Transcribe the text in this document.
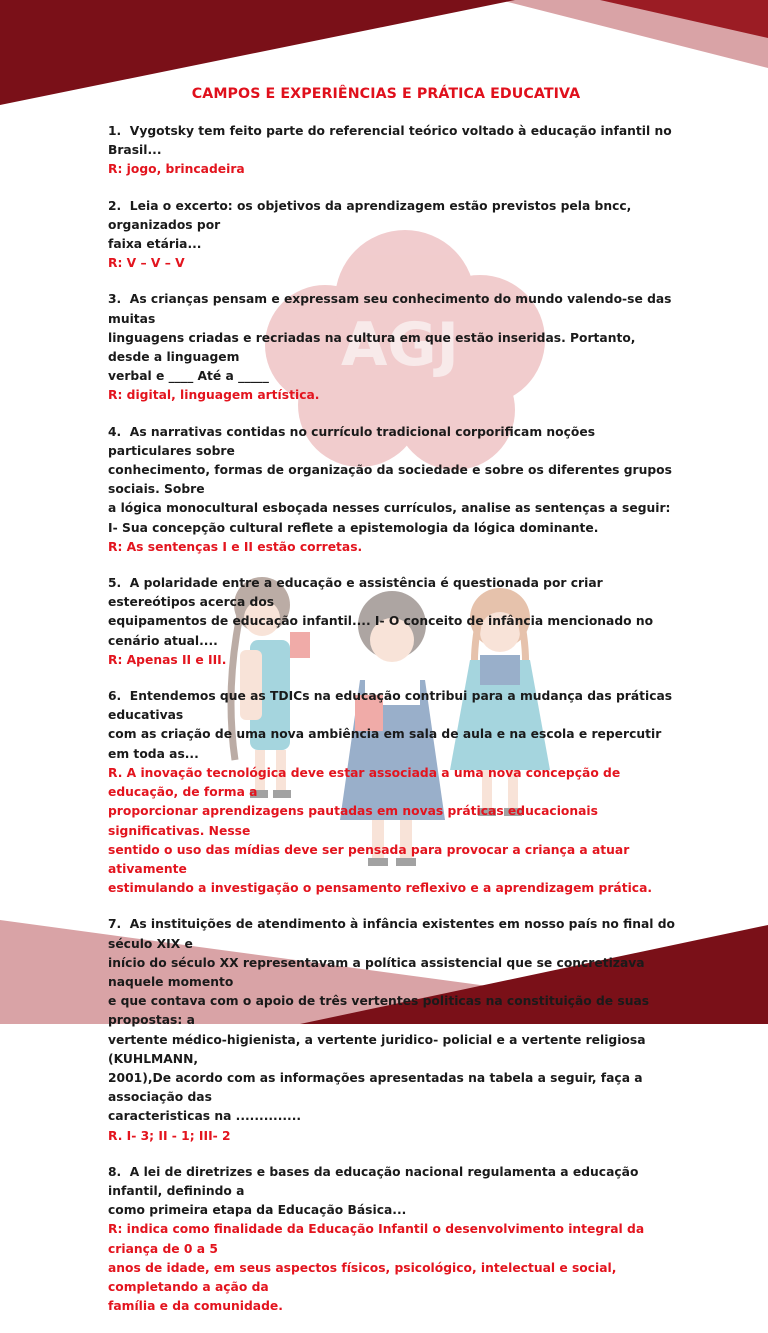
AGJ
CAMPOS E EXPERIÊNCIAS E PRÁTICA EDUCATIVA

1. Vygotsky tem feito parte do referencial teórico voltado à educação infantil no Brasil...

R: jogo, brincadeira

2. Leia o excerto: os objetivos da aprendizagem estão previstos pela bncc, organizados por

faixa etária...

R: V – V – V

3. As crianças pensam e expressam seu conhecimento do mundo valendo-se das muitas

linguagens criadas e recriadas na cultura em que estão inseridas. Portanto, desde a linguagem

verbal e ____ Até a _____

R: digital, linguagem artística.

4. As narrativas contidas no currículo tradicional corporificam noções particulares sobre

conhecimento, formas de organização da sociedade e sobre os diferentes grupos sociais. Sobre

a lógica monocultural esboçada nesses currículos, analise as sentenças a seguir:

I- Sua concepção cultural reflete a epistemologia da lógica dominante.

R: As sentenças I e II estão corretas.

5. A polaridade entre a educação e assistência é questionada por criar estereótipos acerca dos

equipamentos de educação infantil.... I- O conceito de infância mencionado no cenário atual....

R: Apenas II e III.

6. Entendemos que as TDICs na educação contribui para a mudança das práticas educativas

com as criação de uma nova ambiência em sala de aula e na escola e repercutir em toda as...

R. A inovação tecnológica deve estar associada a uma nova concepção de educação, de forma a

proporcionar aprendizagens pautadas em novas práticas educacionais significativas. Nesse

sentido o uso das mídias deve ser pensada para provocar a criança a atuar ativamente

estimulando a investigação o pensamento reflexivo e a aprendizagem prática.

7. As instituições de atendimento à infância existentes em nosso país no final do século XIX e

início do século XX representavam a política assistencial que se concretizava naquele momento

e que contava com o apoio de três vertentes politicas na constituição de suas propostas: a

vertente médico-higienista, a vertente juridico- policial e a vertente religiosa (KUHLMANN,

2001),De acordo com as informações apresentadas na tabela a seguir, faça a associação das

caracteristicas na ..............

R. I- 3; II - 1; III- 2

8. A lei de diretrizes e bases da educação nacional regulamenta a educação infantil, definindo a

como primeira etapa da Educação Básica...

R: indica como finalidade da Educação Infantil o desenvolvimento integral da criança de 0 a 5

anos de idade, em seus aspectos físicos, psicológico, intelectual e social, completando a ação da

família e da comunidade.
